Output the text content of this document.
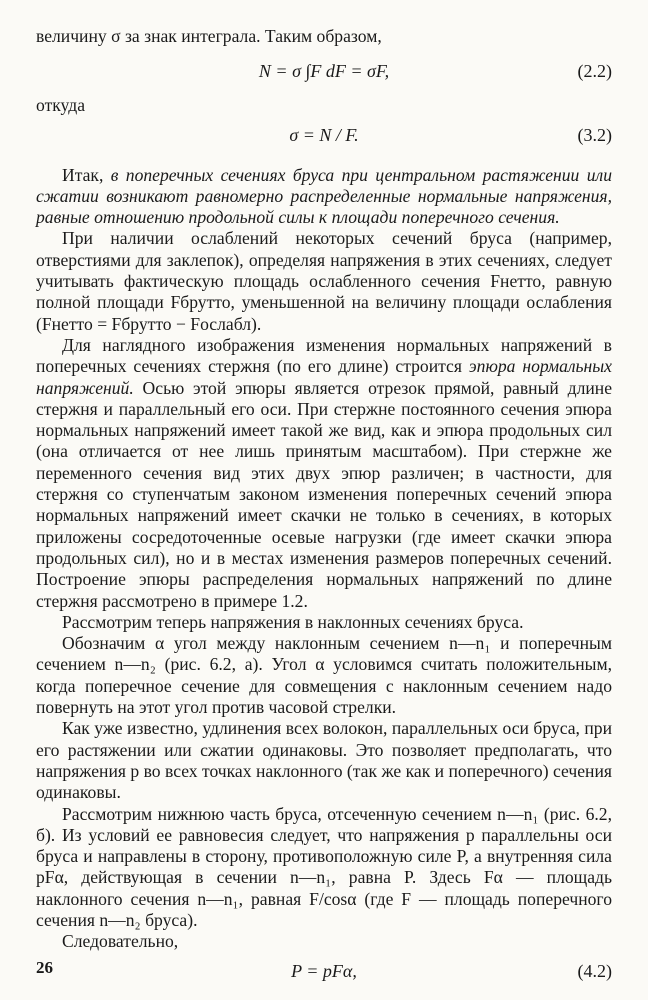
величину σ за знак интеграла. Таким образом,

N = σ ∫F dF = σF,	(2.2)

откуда

σ = N / F.	(3.2)

Итак, в поперечных сечениях бруса при центральном растяжении или сжатии возникают равномерно распределенные нормальные напряжения, равные отношению продольной силы к площади поперечного сечения.

При наличии ослаблений некоторых сечений бруса (например, отверстиями для заклепок), определяя напряжения в этих сечениях, следует учитывать фактическую площадь ослабленного сечения Fнетто, равную полной площади Fбрутто, уменьшенной на величину площади ослабления (Fнетто = Fбрутто − Fослабл).

Для наглядного изображения изменения нормальных напряжений в поперечных сечениях стержня (по его длине) строится эпюра нормальных напряжений. Осью этой эпюры является отрезок прямой, равный длине стержня и параллельный его оси. При стержне постоянного сечения эпюра нормальных напряжений имеет такой же вид, как и эпюра продольных сил (она отличается от нее лишь принятым масштабом). При стержне же переменного сечения вид этих двух эпюр различен; в частности, для стержня со ступенчатым законом изменения поперечных сечений эпюра нормальных напряжений имеет скачки не только в сечениях, в которых приложены сосредоточенные осевые нагрузки (где имеет скачки эпюра продольных сил), но и в местах изменения размеров поперечных сечений. Построение эпюры распределения нормальных напряжений по длине стержня рассмотрено в примере 1.2.

Рассмотрим теперь напряжения в наклонных сечениях бруса.

Обозначим α угол между наклонным сечением n—n₁ и поперечным сечением n—n₂ (рис. 6.2, а). Угол α условимся считать положительным, когда поперечное сечение для совмещения с наклонным сечением надо повернуть на этот угол против часовой стрелки.

Как уже известно, удлинения всех волокон, параллельных оси бруса, при его растяжении или сжатии одинаковы. Это позволяет предполагать, что напряжения p во всех точках наклонного (так же как и поперечного) сечения одинаковы.

Рассмотрим нижнюю часть бруса, отсеченную сечением n—n₁ (рис. 6.2, б). Из условий ее равновесия следует, что напряжения p параллельны оси бруса и направлены в сторону, противоположную силе P, а внутренняя сила pFα, действующая в сечении n—n₁, равна P. Здесь Fα — площадь наклонного сечения n—n₁, равная F/cosα (где F — площадь поперечного сечения n—n₂ бруса).

Следовательно,

P = pFα,	(4.2)
26
